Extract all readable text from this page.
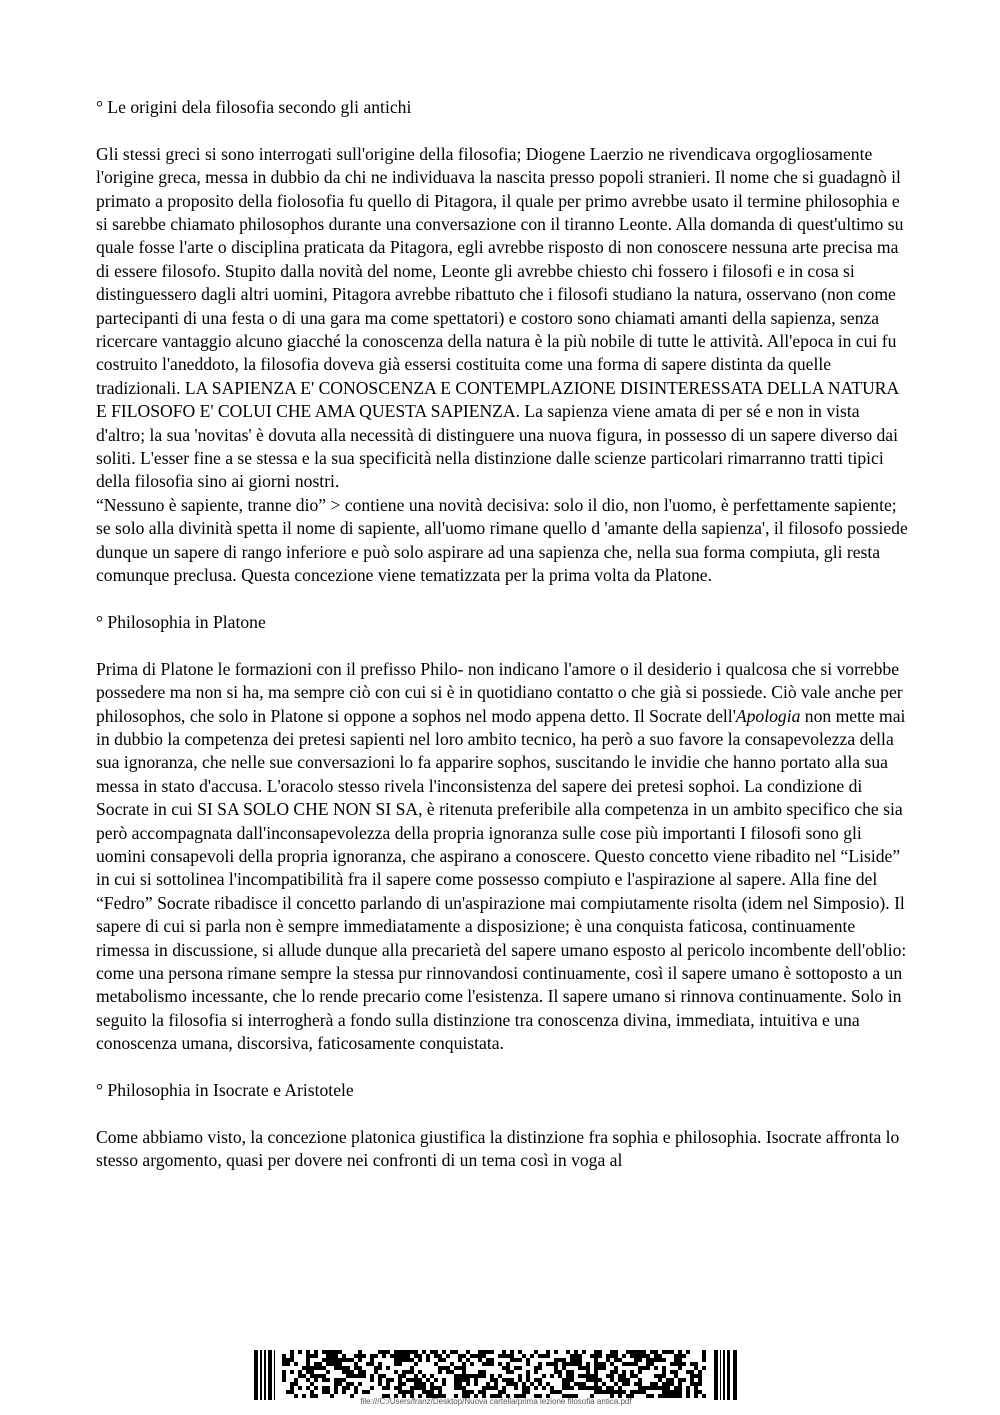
° Le origini dela filosofia secondo gli antichi

Gli stessi greci si sono interrogati sull'origine della filosofia; Diogene Laerzio ne rivendicava orgogliosamente l'origine greca, messa in dubbio da chi ne individuava la nascita presso popoli stranieri. Il nome che si guadagnò il primato a proposito della fiolosofia fu quello di Pitagora, il quale per primo avrebbe usato il termine philosophia e si sarebbe chiamato philosophos durante una conversazione con il tiranno Leonte. Alla domanda di quest'ultimo su quale fosse l'arte o disciplina praticata da Pitagora, egli avrebbe risposto di non conoscere nessuna arte precisa ma di essere filosofo. Stupito dalla novità del nome, Leonte gli avrebbe chiesto chi fossero i filosofi e in cosa si distinguessero dagli altri uomini, Pitagora avrebbe ribattuto che i filosofi studiano la natura, osservano (non come partecipanti di una festa o di una gara ma come spettatori) e costoro sono chiamati amanti della sapienza, senza ricercare vantaggio alcuno giacché la conoscenza della natura è la più nobile di tutte le attività. All'epoca in cui fu costruito l'aneddoto, la filosofia doveva già essersi costituita come una forma di sapere distinta da quelle tradizionali. LA SAPIENZA E' CONOSCENZA E CONTEMPLAZIONE DISINTERESSATA DELLA NATURA E FILOSOFO E' COLUI CHE AMA QUESTA SAPIENZA. La sapienza viene amata di per sé e non in vista d'altro; la sua 'novitas' è dovuta alla necessità di distinguere una nuova figura, in possesso di un sapere diverso dai soliti. L'esser fine a se stessa e la sua specificità nella distinzione dalle scienze particolari rimarranno tratti tipici della filosofia sino ai giorni nostri.

“Nessuno è sapiente, tranne dio” > contiene una novità decisiva: solo il dio, non l'uomo, è perfettamente sapiente; se solo alla divinità spetta il nome di sapiente, all'uomo rimane quello d 'amante della sapienza', il filosofo possiede dunque un sapere di rango inferiore e può solo aspirare ad una sapienza che, nella sua forma compiuta, gli resta comunque preclusa. Questa concezione viene tematizzata per la prima volta da Platone.

° Philosophia in Platone

Prima di Platone le formazioni con il prefisso Philo- non indicano l'amore o il desiderio i qualcosa che si vorrebbe possedere ma non si ha, ma sempre ciò con cui si è in quotidiano contatto o che già si possiede. Ciò vale anche per philosophos, che solo in Platone si oppone a sophos nel modo appena detto. Il Socrate dell'Apologia non mette mai in dubbio la competenza dei pretesi sapienti nel loro ambito tecnico, ha però a suo favore la consapevolezza della sua ignoranza, che nelle sue conversazioni lo fa apparire sophos, suscitando le invidie che hanno portato alla sua messa in stato d'accusa. L'oracolo stesso rivela l'inconsistenza del sapere dei pretesi sophoi. La condizione di Socrate in cui SI SA SOLO CHE NON SI SA, è ritenuta preferibile alla competenza in un ambito specifico che sia però accompagnata dall'inconsapevolezza della propria ignoranza sulle cose più importanti I filosofi sono gli uomini consapevoli della propria ignoranza, che aspirano a conoscere. Questo concetto viene ribadito nel “Liside” in cui si sottolinea l'incompatibilità fra il sapere come possesso compiuto e l'aspirazione al sapere. Alla fine del “Fedro” Socrate ribadisce il concetto parlando di un'aspirazione mai compiutamente risolta (idem nel Simposio). Il sapere di cui si parla non è sempre immediatamente a disposizione; è una conquista faticosa, continuamente rimessa in discussione, si allude dunque alla precarietà del sapere umano esposto al pericolo incombente dell'oblio: come una persona rimane sempre la stessa pur rinnovandosi continuamente, così il sapere umano è sottoposto a un metabolismo incessante, che lo rende precario come l'esistenza. Il sapere umano si rinnova continuamente. Solo in seguito la filosofia si interrogherà a fondo sulla distinzione tra conoscenza divina, immediata, intuitiva e una conoscenza umana, discorsiva, faticosamente conquistata.

° Philosophia in Isocrate e Aristotele

Come abbiamo visto, la concezione platonica giustifica la distinzione fra sophia e philosophia. Isocrate affronta lo stesso argomento, quasi per dovere nei confronti di un tema così in voga al

file:///C:/Users/franz/Desktop/Nuova cartella/prima lezione filosofia antica.pdf
